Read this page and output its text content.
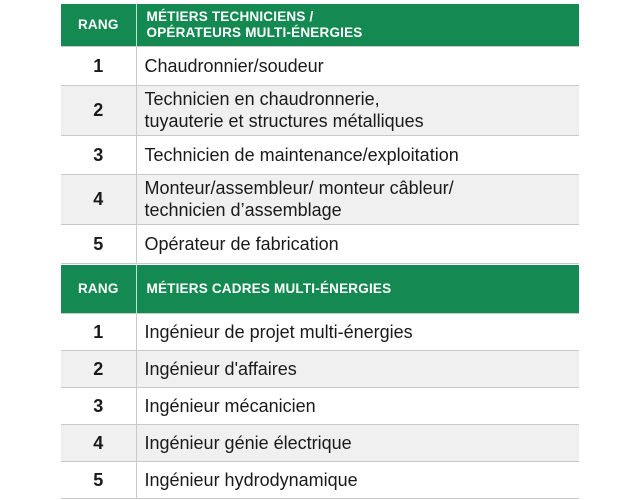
RANG	MÉTIERS TECHNICIENS /
OPÉRATEURS MULTI-ÉNERGIES
1	Chaudronnier/soudeur
2	Technicien en chaudronnerie,
tuyauterie et structures métalliques
3	Technicien de maintenance/exploitation
4	Monteur/assembleur/ monteur câbleur/
technicien d’assemblage
5	Opérateur de fabrication
RANG	MÉTIERS CADRES MULTI-ÉNERGIES
1	Ingénieur de projet multi-énergies
2	Ingénieur d'affaires
3	Ingénieur mécanicien
4	Ingénieur génie électrique
5	Ingénieur hydrodynamique
